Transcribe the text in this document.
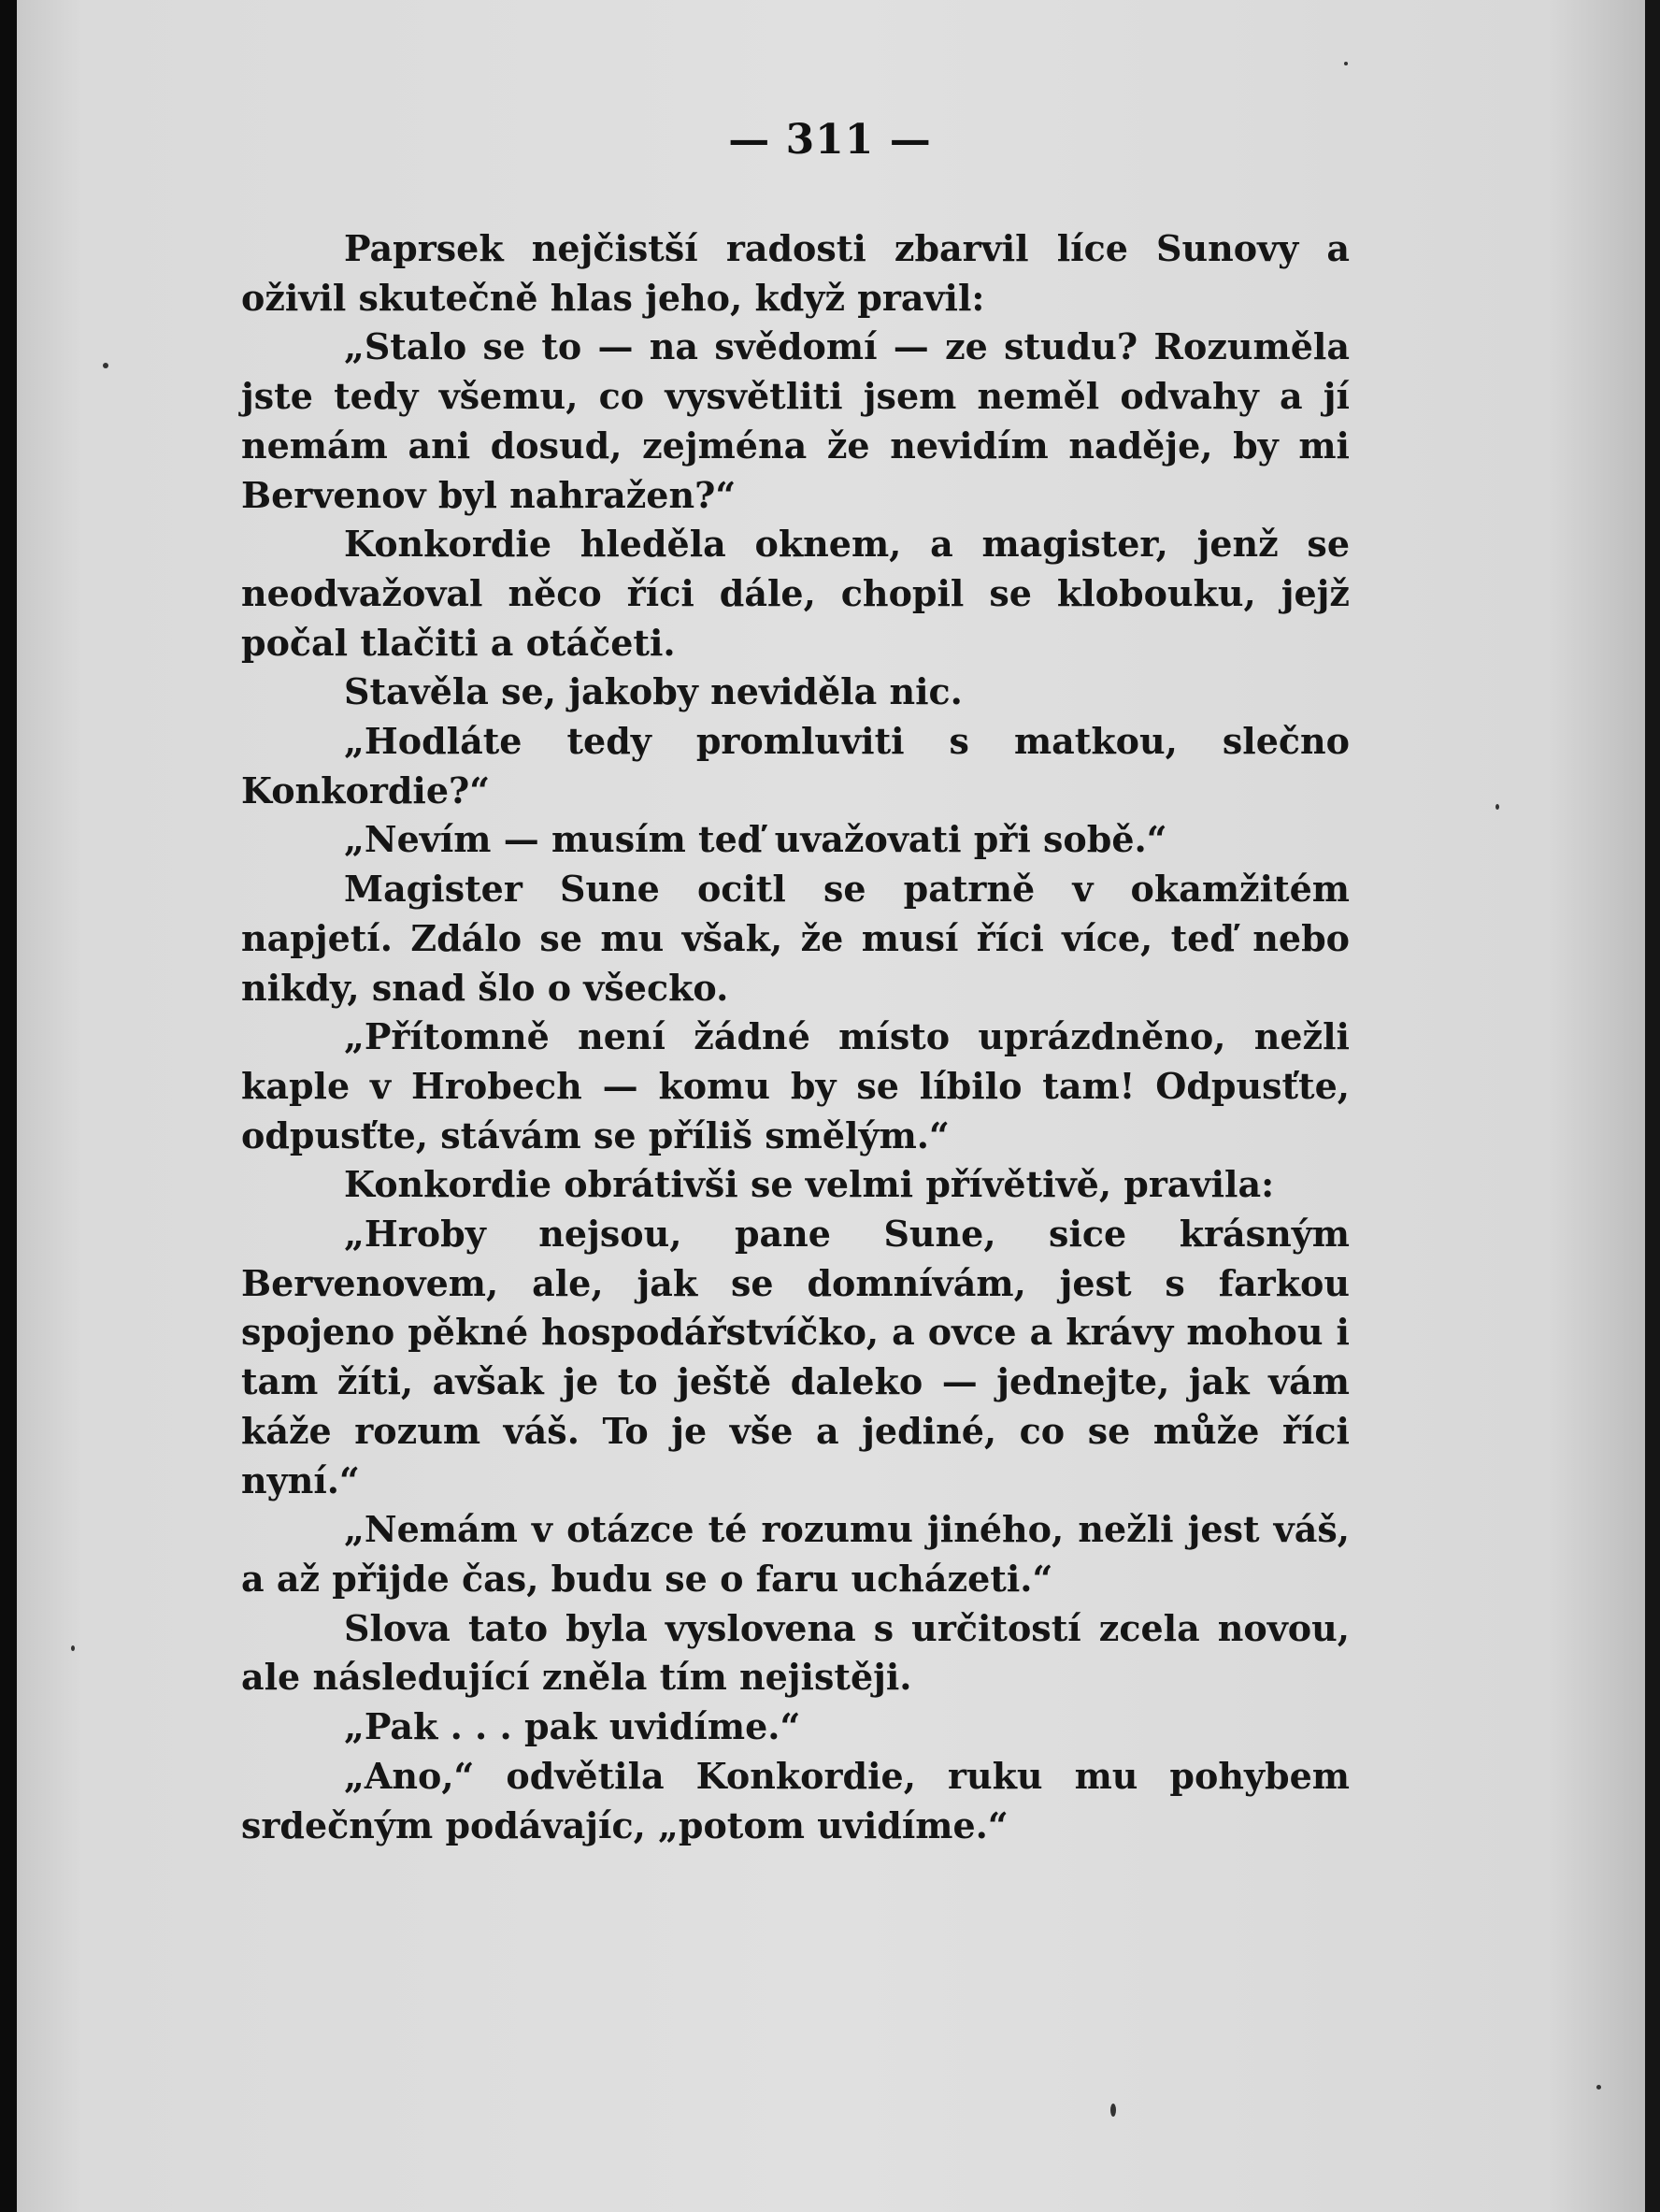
— 311 —

Paprsek nejčistší radosti zbarvil líce Sunovy a oživil skutečně hlas jeho, když pravil:

„Stalo se to — na svědomí — ze studu? Rozuměla jste tedy všemu, co vysvětliti jsem neměl odvahy a jí nemám ani dosud, zejména že nevidím naděje, by mi Bervenov byl nahražen?“

Konkordie hleděla oknem, a magister, jenž se neodvažoval něco říci dále, chopil se klobouku, jejž počal tlačiti a otáčeti.

Stavěla se, jakoby neviděla nic.

„Hodláte tedy promluviti s matkou, slečno Konkordie?“

„Nevím — musím teď uvažovati při sobě.“

Magister Sune ocitl se patrně v okamžitém napjetí. Zdálo se mu však, že musí říci více, teď nebo nikdy, snad šlo o všecko.

„Přítomně není žádné místo uprázdněno, nežli kaple v Hrobech — komu by se líbilo tam! Odpusťte, odpusťte, stávám se příliš smělým.“

Konkordie obrátivši se velmi přívětivě, pravila:

„Hroby nejsou, pane Sune, sice krásným Bervenovem, ale, jak se domnívám, jest s farkou spojeno pěkné hospodářstvíčko, a ovce a krávy mohou i tam žíti, avšak je to ještě daleko — jednejte, jak vám káže rozum váš. To je vše a jediné, co se může říci nyní.“

„Nemám v otázce té rozumu jiného, nežli jest váš, a až přijde čas, budu se o faru ucházeti.“

Slova tato byla vyslovena s určitostí zcela novou, ale následující zněla tím nejistěji.

„Pak . . . pak uvidíme.“

„Ano,“ odvětila Konkordie, ruku mu pohybem srdečným podávajíc, „potom uvidíme.“
